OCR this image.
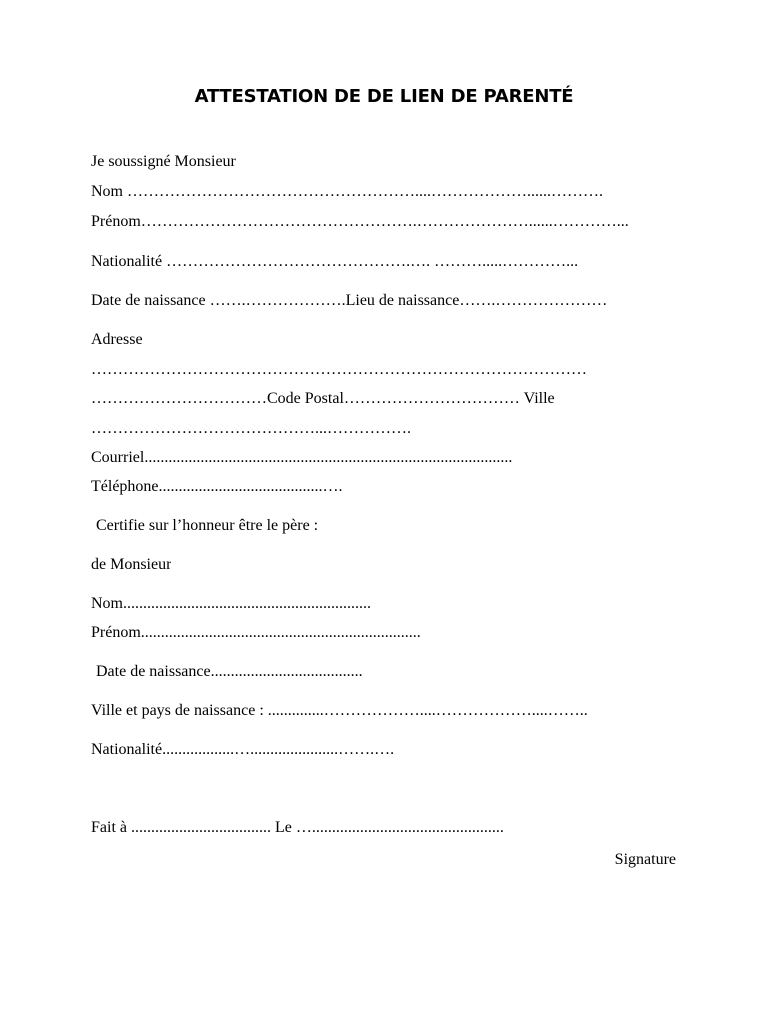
ATTESTATION DE DE LIEN DE PARENTÉ
Je soussigné Monsieur
Nom ………………………………………………....………………......……….
Prénom…………………………………………….…………………......…………...
Nationalité ……………………………………….…. ……….....…………...
Date de naissance …….……………….Lieu de naissance…….…………………
Adresse
…………………………………………………………………………………
……………………………Code Postal…………………………… Ville
……………………………………...…………….
Courriel............................................................................................
Téléphone.........................................….
Certifie sur l’honneur être le père :
de Monsieur
Nom..............................................................
Prénom......................................................................
Date de naissance......................................
Ville et pays de naissance : ..............………………....………………....……..
Nationalité..................…......................…….….
Fait à ................................... Le …................................................
Signature
